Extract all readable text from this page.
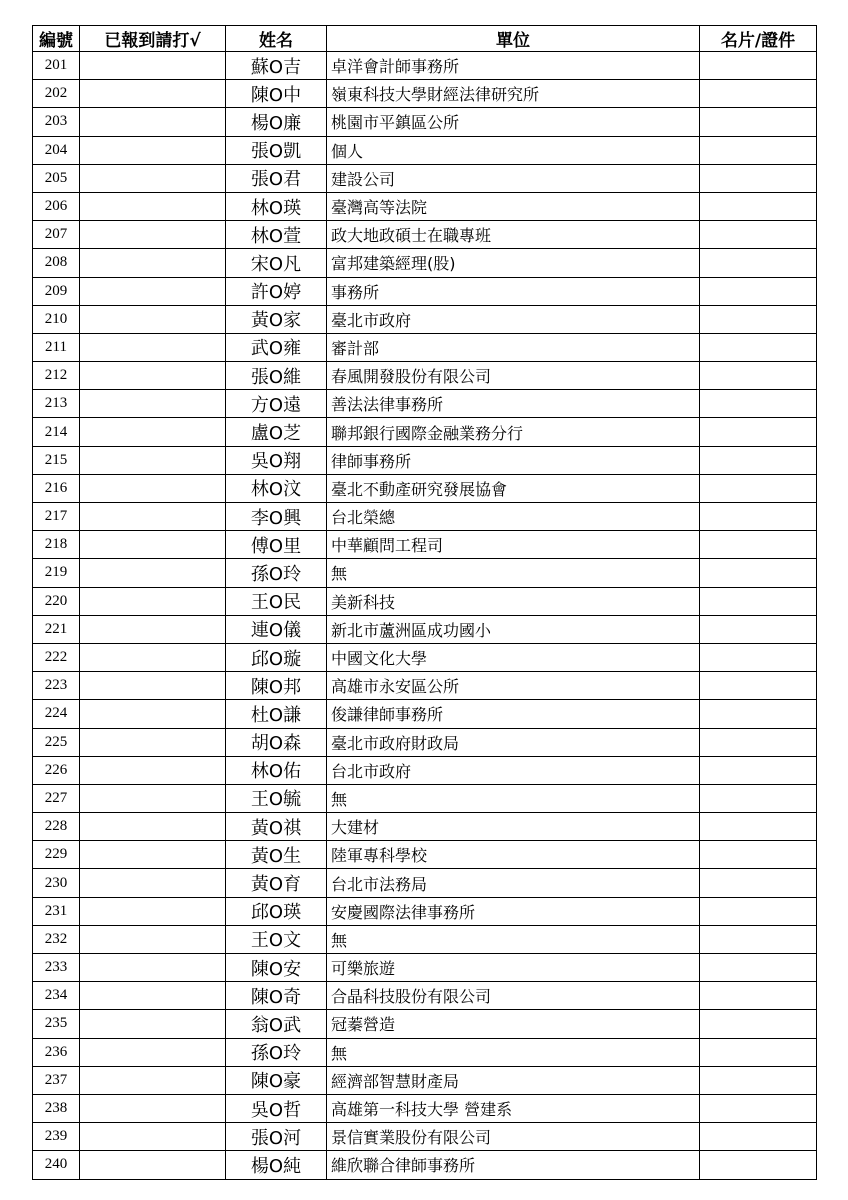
編號	已報到請打√	姓名	單位	名片/證件
201		蘇O吉	卓洋會計師事務所	
202		陳O中	嶺東科技大學財經法律研究所	
203		楊O廉	桃園市平鎮區公所	
204		張O凱	個人	
205		張O君	建設公司	
206		林O瑛	臺灣高等法院	
207		林O萱	政大地政碩士在職專班	
208		宋O凡	富邦建築經理(股)	
209		許O婷	事務所	
210		黃O家	臺北市政府	
211		武O雍	審計部	
212		張O維	春風開發股份有限公司	
213		方O遠	善法法律事務所	
214		盧O芝	聯邦銀行國際金融業務分行	
215		吳O翔	律師事務所	
216		林O汶	臺北不動產研究發展協會	
217		李O興	台北榮總	
218		傅O里	中華顧問工程司	
219		孫O玲	無	
220		王O民	美新科技	
221		連O儀	新北市蘆洲區成功國小	
222		邱O璇	中國文化大學	
223		陳O邦	高雄市永安區公所	
224		杜O謙	俊謙律師事務所	
225		胡O森	臺北市政府財政局	
226		林O佑	台北市政府	
227		王O毓	無	
228		黃O祺	大建材	
229		黃O生	陸軍專科學校	
230		黃O育	台北市法務局	
231		邱O瑛	安慶國際法律事務所	
232		王O文	無	
233		陳O安	可樂旅遊	
234		陳O奇	合晶科技股份有限公司	
235		翁O武	冠蓁營造	
236		孫O玲	無	
237		陳O豪	經濟部智慧財產局	
238		吳O哲	高雄第一科技大學 營建系	
239		張O河	景信實業股份有限公司	
240		楊O純	維欣聯合律師事務所	
